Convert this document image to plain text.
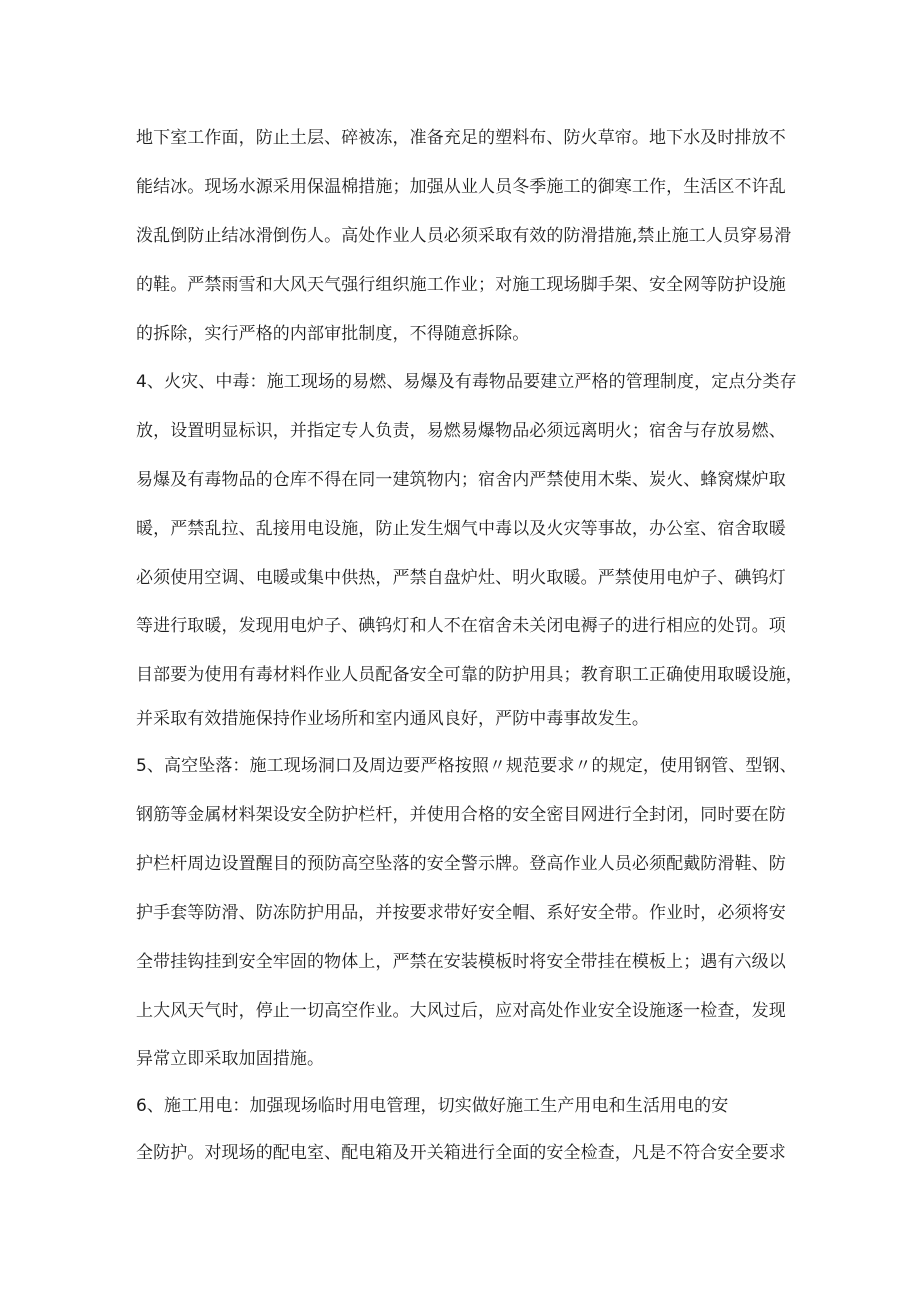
地下室工作面，防止土层、碎被冻，准备充足的塑料布、防火草帘。地下水及时排放不
能结冰。现场水源采用保温棉措施；加强从业人员冬季施工的御寒工作，生活区不许乱
泼乱倒防止结冰滑倒伤人。高处作业人员必须采取有效的防滑措施,禁止施工人员穿易滑
的鞋。严禁雨雪和大风天气强行组织施工作业；对施工现场脚手架、安全网等防护设施
的拆除，实行严格的内部审批制度，不得随意拆除。
4、火灾、中毒：施工现场的易燃、易爆及有毒物品要建立严格的管理制度，定点分类存
放，设置明显标识，并指定专人负责，易燃易爆物品必须远离明火；宿舍与存放易燃、
易爆及有毒物品的仓库不得在同一建筑物内；宿舍内严禁使用木柴、炭火、蜂窝煤炉取
暖，严禁乱拉、乱接用电设施，防止发生烟气中毒以及火灾等事故，办公室、宿舍取暖
必须使用空调、电暖或集中供热，严禁自盘炉灶、明火取暖。严禁使用电炉子、碘钨灯
等进行取暖，发现用电炉子、碘钨灯和人不在宿舍未关闭电褥子的进行相应的处罚。项
目部要为使用有毒材料作业人员配备安全可靠的防护用具；教育职工正确使用取暖设施，
并采取有效措施保持作业场所和室内通风良好，严防中毒事故发生。
5、高空坠落：施工现场洞口及周边要严格按照〃规范要求〃的规定，使用钢管、型钢、
钢筋等金属材料架设安全防护栏杆，并使用合格的安全密目网进行全封闭，同时要在防
护栏杆周边设置醒目的预防高空坠落的安全警示牌。登高作业人员必须配戴防滑鞋、防
护手套等防滑、防冻防护用品，并按要求带好安全帽、系好安全带。作业时，必须将安
全带挂钩挂到安全牢固的物体上，严禁在安装模板时将安全带挂在模板上；遇有六级以
上大风天气时，停止一切高空作业。大风过后，应对高处作业安全设施逐一检查，发现
异常立即采取加固措施。
6、施工用电：加强现场临时用电管理，切实做好施工生产用电和生活用电的安
全防护。对现场的配电室、配电箱及开关箱进行全面的安全检查，凡是不符合安全要求
